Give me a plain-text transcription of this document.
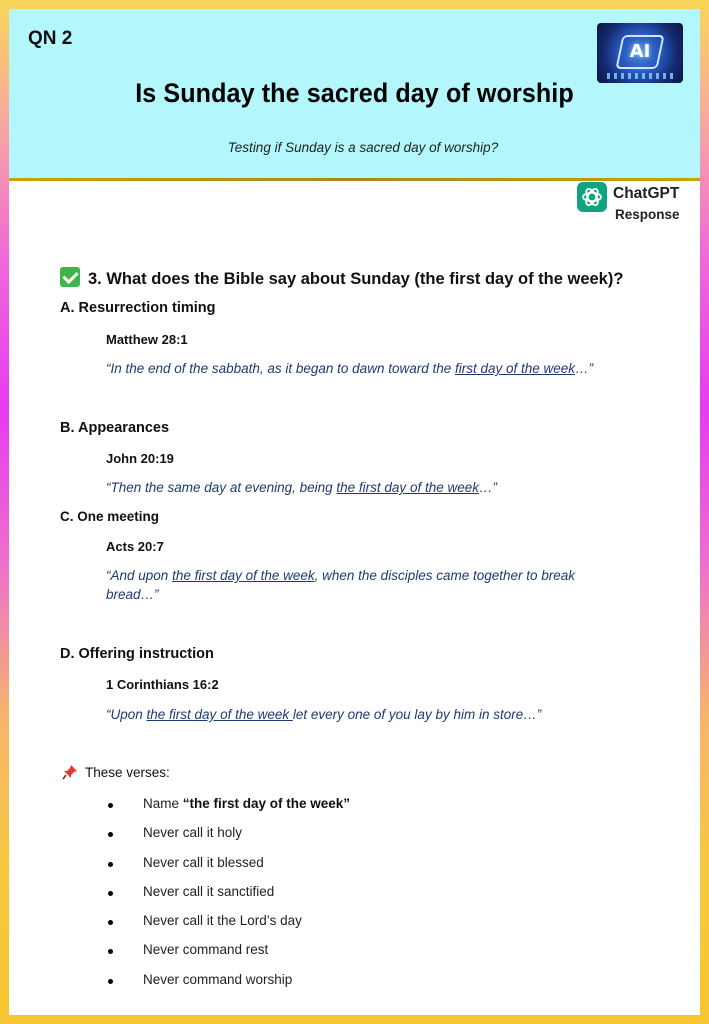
QN 2
Is Sunday the sacred day of worship
Testing if Sunday is a sacred day of worship?
AI
ChatGPT
Response
3. What does the Bible say about Sunday (the first day of the week)?
A. Resurrection timing
Matthew 28:1
“In the end of the sabbath, as it began to dawn toward the first day of the week…”
B. Appearances
John 20:19
“Then the same day at evening, being the first day of the week…”
C. One meeting
Acts 20:7
“And upon the first day of the week, when the disciples came together to break bread…”
D. Offering instruction
1 Corinthians 16:2
“Upon the first day of the week let every one of you lay by him in store…”
These verses:
Name “the first day of the week”
Never call it holy
Never call it blessed
Never call it sanctified
Never call it the Lord’s day
Never command rest
Never command worship
